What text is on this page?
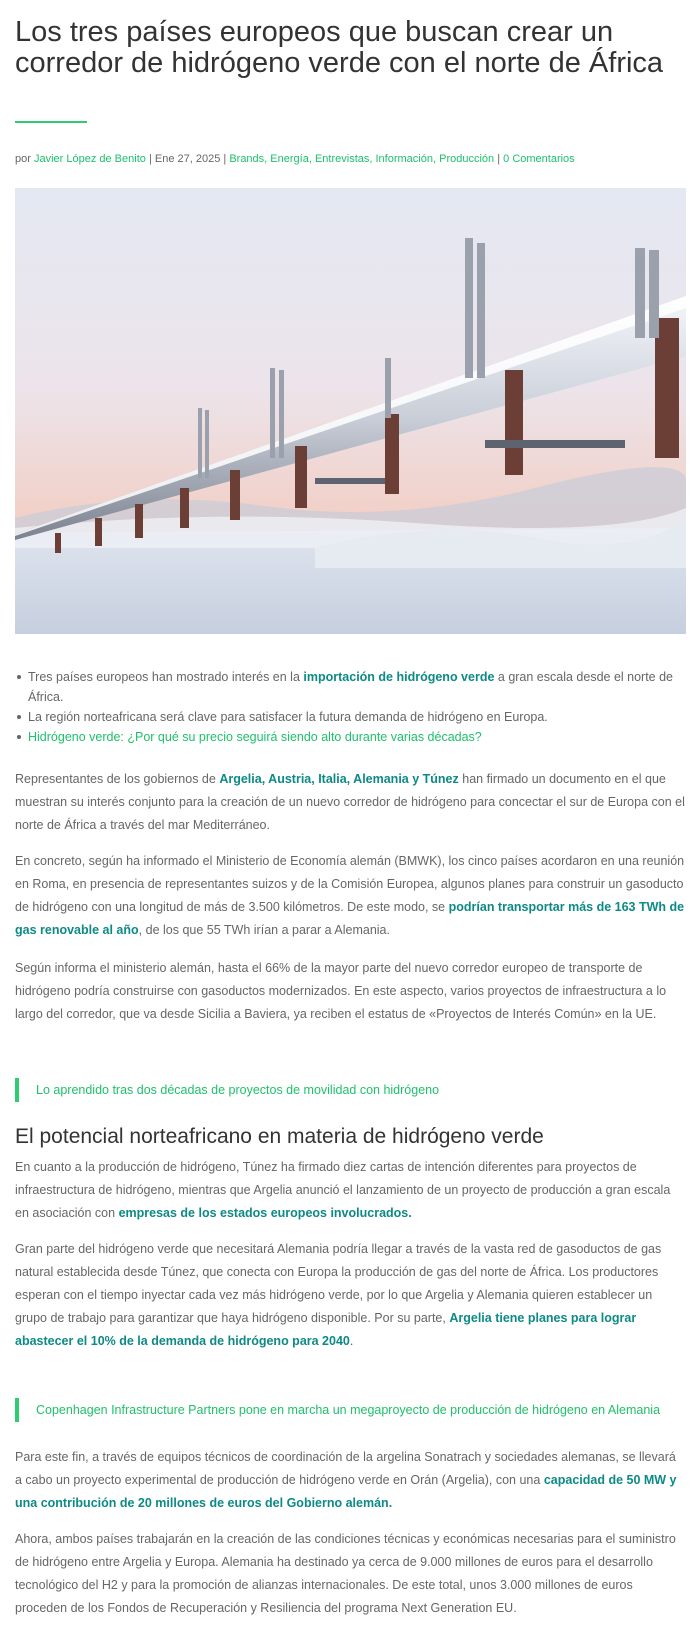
Los tres países europeos que buscan crear un corredor de hidrógeno verde con el norte de África
por Javier López de Benito | Ene 27, 2025 | Brands, Energía, Entrevistas, Información, Producción | 0 Comentarios
Tres países europeos han mostrado interés en la importación de hidrógeno verde a gran escala desde el norte de África.
La región norteafricana será clave para satisfacer la futura demanda de hidrógeno en Europa.
Hidrógeno verde: ¿Por qué su precio seguirá siendo alto durante varias décadas?

Representantes de los gobiernos de Argelia, Austria, Italia, Alemania y Túnez han firmado un documento en el que muestran su interés conjunto para la creación de un nuevo corredor de hidrógeno para concectar el sur de Europa con el norte de África a través del mar Mediterráneo.

En concreto, según ha informado el Ministerio de Economía alemán (BMWK), los cinco países acordaron en una reunión en Roma, en presencia de representantes suizos y de la Comisión Europea, algunos planes para construir un gasoducto de hidrógeno con una longitud de más de 3.500 kilómetros. De este modo, se podrían transportar más de 163 TWh de gas renovable al año, de los que 55 TWh irían a parar a Alemania.

Según informa el ministerio alemán, hasta el 66% de la mayor parte del nuevo corredor europeo de transporte de hidrógeno podría construirse con gasoductos modernizados. En este aspecto, varios proyectos de infraestructura a lo largo del corredor, que va desde Sicilia a Baviera, ya reciben el estatus de «Proyectos de Interés Común» en la UE.

Lo aprendido tras dos décadas de proyectos de movilidad con hidrógeno
El potencial norteafricano en materia de hidrógeno verde

En cuanto a la producción de hidrógeno, Túnez ha firmado diez cartas de intención diferentes para proyectos de infraestructura de hidrógeno, mientras que Argelia anunció el lanzamiento de un proyecto de producción a gran escala en asociación con empresas de los estados europeos involucrados.

Gran parte del hidrógeno verde que necesitará Alemania podría llegar a través de la vasta red de gasoductos de gas natural establecida desde Túnez, que conecta con Europa la producción de gas del norte de África. Los productores esperan con el tiempo inyectar cada vez más hidrógeno verde, por lo que Argelia y Alemania quieren establecer un grupo de trabajo para garantizar que haya hidrógeno disponible. Por su parte, Argelia tiene planes para lograr abastecer el 10% de la demanda de hidrógeno para 2040.

Copenhagen Infrastructure Partners pone en marcha un megaproyecto de producción de hidrógeno en Alemania

Para este fin, a través de equipos técnicos de coordinación de la argelina Sonatrach y sociedades alemanas, se llevará a cabo un proyecto experimental de producción de hidrógeno verde en Orán (Argelia), con una capacidad de 50 MW y una contribución de 20 millones de euros del Gobierno alemán.

Ahora, ambos países trabajarán en la creación de las condiciones técnicas y económicas necesarias para el suministro de hidrógeno entre Argelia y Europa. Alemania ha destinado ya cerca de 9.000 millones de euros para el desarrollo tecnológico del H2 y para la promoción de alianzas internacionales. De este total, unos 3.000 millones de euros proceden de los Fondos de Recuperación y Resiliencia del programa Next Generation EU.
